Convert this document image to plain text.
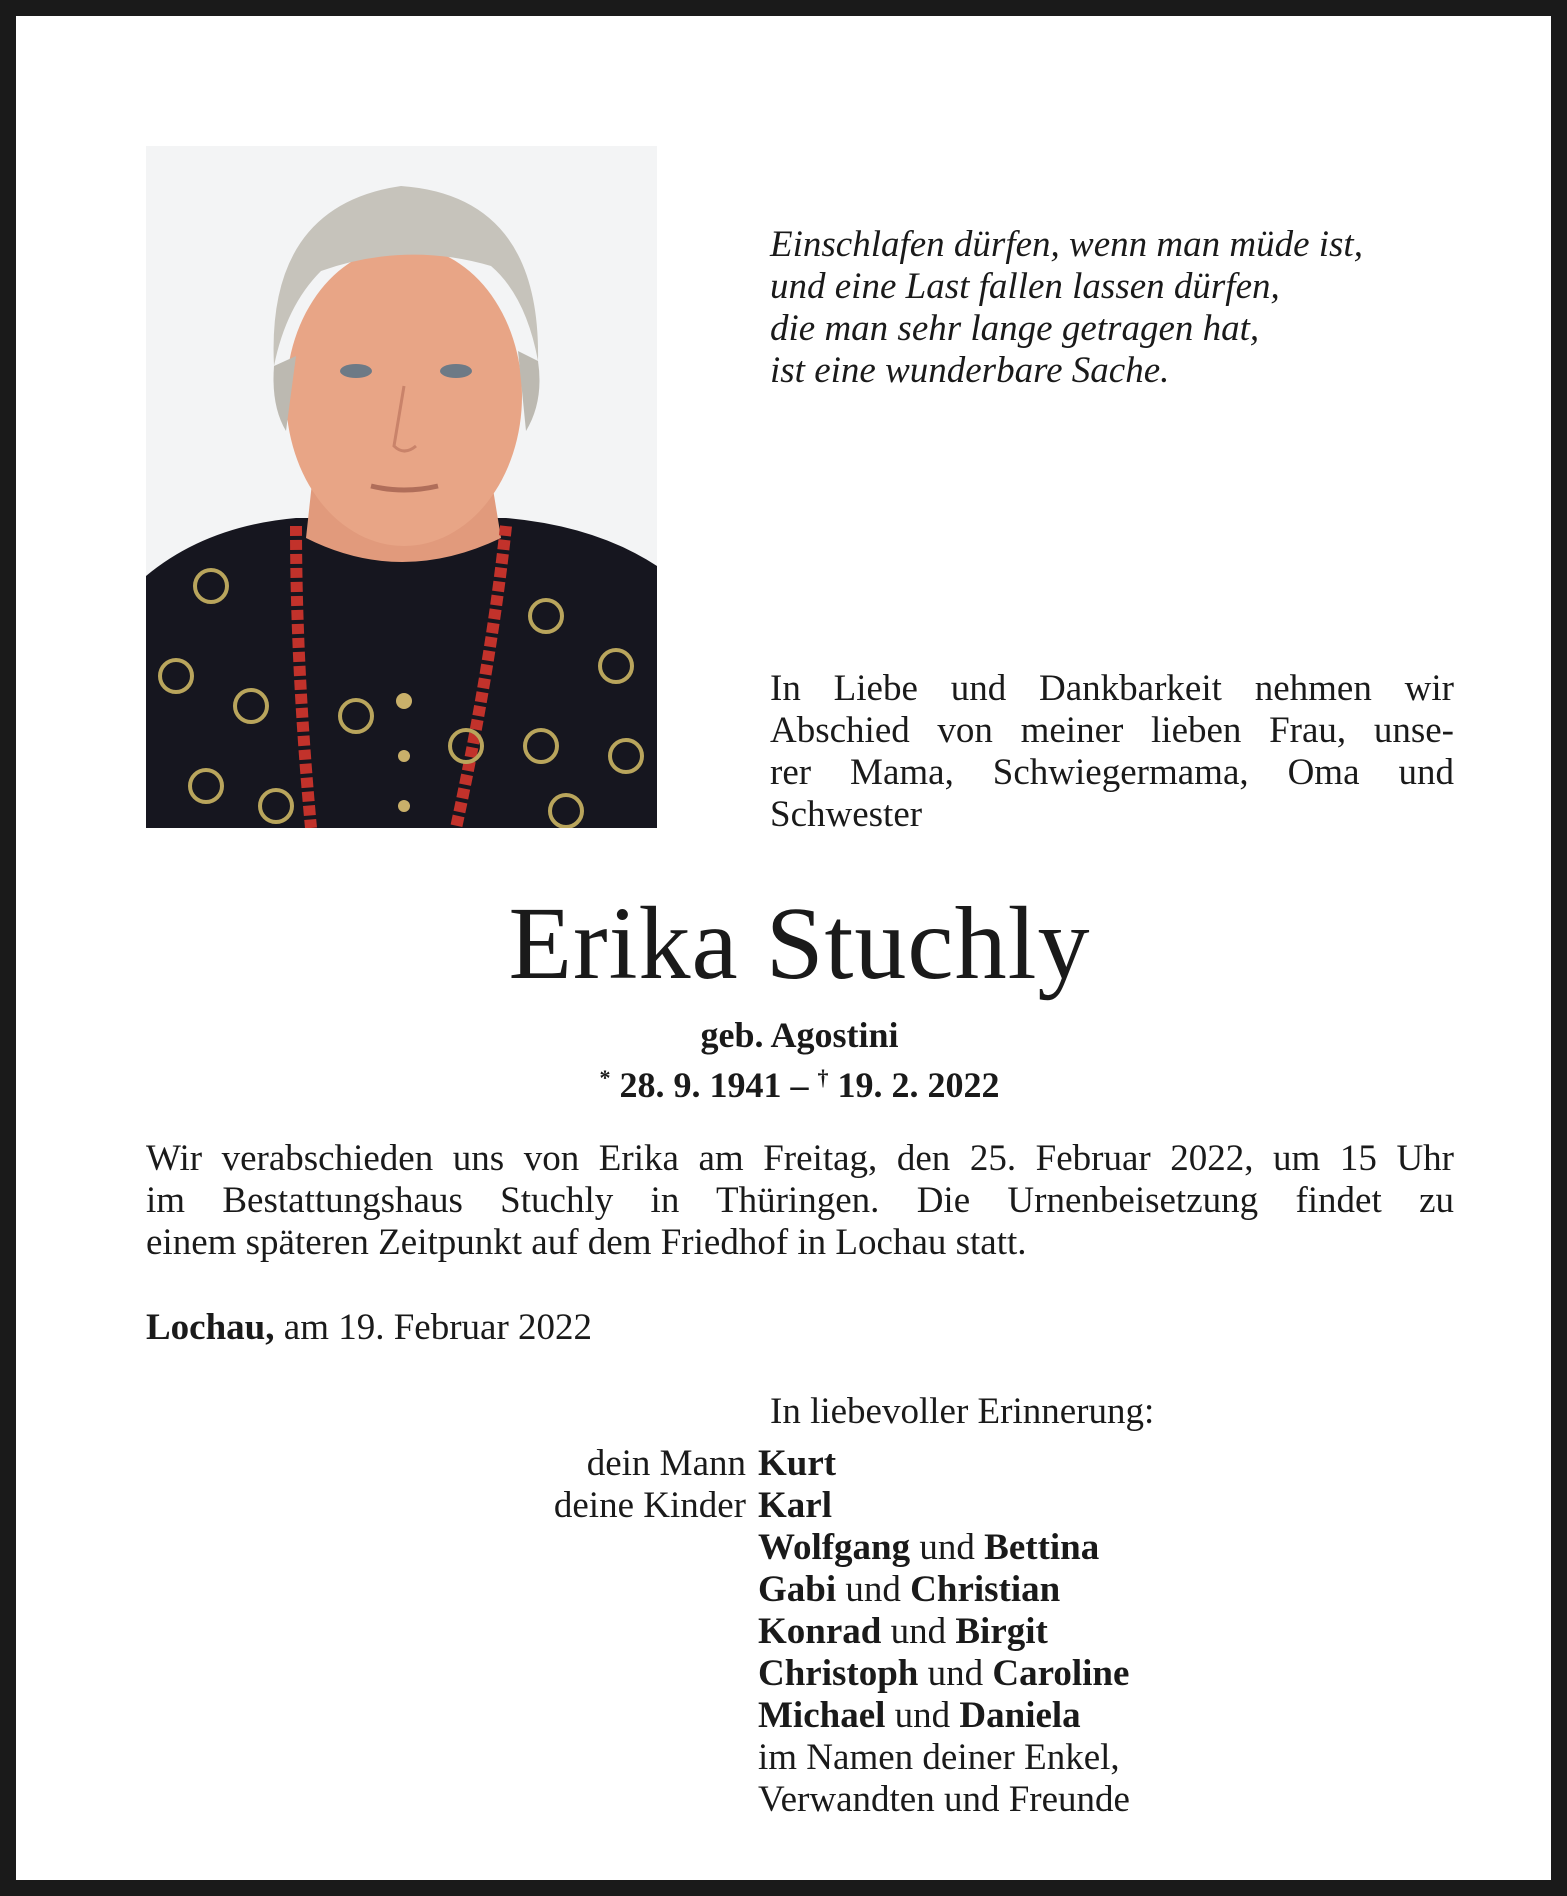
Einschlafen dürfen, wenn man müde ist,
und eine Last fallen lassen dürfen,
die man sehr lange getragen hat,
ist eine wunderbare Sache.
In Liebe und Dankbarkeit nehmen wir
Abschied von meiner lieben Frau, unse-
rer Mama, Schwiegermama, Oma und
Schwester
Erika Stuchly
geb. Agostini
* 28. 9. 1941 – † 19. 2. 2022
Wir verabschieden uns von Erika am Freitag, den 25. Februar 2022, um 15 Uhr
im Bestattungshaus Stuchly in Thüringen. Die Urnenbeisetzung findet zu
einem späteren Zeitpunkt auf dem Friedhof in Lochau statt.
Lochau, am 19. Februar 2022
In liebevoller Erinnerung:
dein Mann Kurt
deine Kinder Karl
Wolfgang und Bettina
Gabi und Christian
Konrad und Birgit
Christoph und Caroline
Michael und Daniela
im Namen deiner Enkel,
Verwandten und Freunde
